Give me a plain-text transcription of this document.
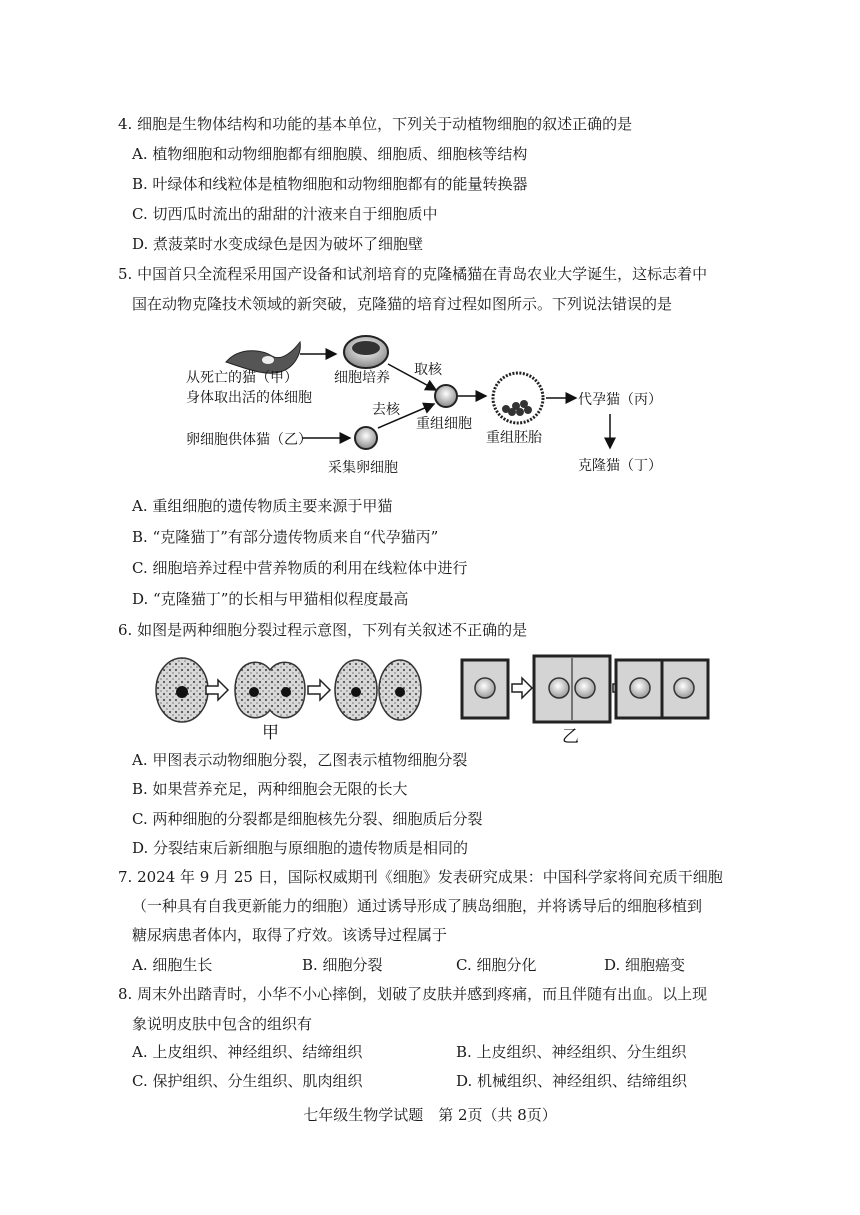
4. 细胞是生物体结构和功能的基本单位，下列关于动植物细胞的叙述正确的是
A. 植物细胞和动物细胞都有细胞膜、细胞质、细胞核等结构
B. 叶绿体和线粒体是植物细胞和动物细胞都有的能量转换器
C. 切西瓜时流出的甜甜的汁液来自于细胞质中
D. 煮菠菜时水变成绿色是因为破坏了细胞壁
5. 中国首只全流程采用国产设备和试剂培育的克隆橘猫在青岛农业大学诞生，这标志着中
国在动物克隆技术领域的新突破，克隆猫的培育过程如图所示。下列说法错误的是
从死亡的猫（甲）
身体取出活的体细胞
细胞培养 取核
去核
卵细胞供体猫（乙）
采集卵细胞
重组细胞
重组胚胎
代孕猫（丙）
克隆猫（丁）
A. 重组细胞的遗传物质主要来源于甲猫
B. “克隆猫丁”有部分遗传物质来自“代孕猫丙”
C. 细胞培养过程中营养物质的利用在线粒体中进行
D. “克隆猫丁”的长相与甲猫相似程度最高
6. 如图是两种细胞分裂过程示意图，下列有关叙述不正确的是
甲	乙
A. 甲图表示动物细胞分裂，乙图表示植物细胞分裂
B. 如果营养充足，两种细胞会无限的长大
C. 两种细胞的分裂都是细胞核先分裂、细胞质后分裂
D. 分裂结束后新细胞与原细胞的遗传物质是相同的
7. 2024 年 9 月 25 日，国际权威期刊《细胞》发表研究成果：中国科学家将间充质干细胞
（一种具有自我更新能力的细胞）通过诱导形成了胰岛细胞，并将诱导后的细胞移植到
糖尿病患者体内，取得了疗效。该诱导过程属于
A. 细胞生长	B. 细胞分裂	C. 细胞分化	D. 细胞癌变
8. 周末外出踏青时，小华不小心摔倒，划破了皮肤并感到疼痛，而且伴随有出血。以上现
象说明皮肤中包含的组织有
A. 上皮组织、神经组织、结缔组织	B. 上皮组织、神经组织、分生组织
C. 保护组织、分生组织、肌肉组织	D. 机械组织、神经组织、结缔组织
七年级生物学试题　第 2页（共 8页）
